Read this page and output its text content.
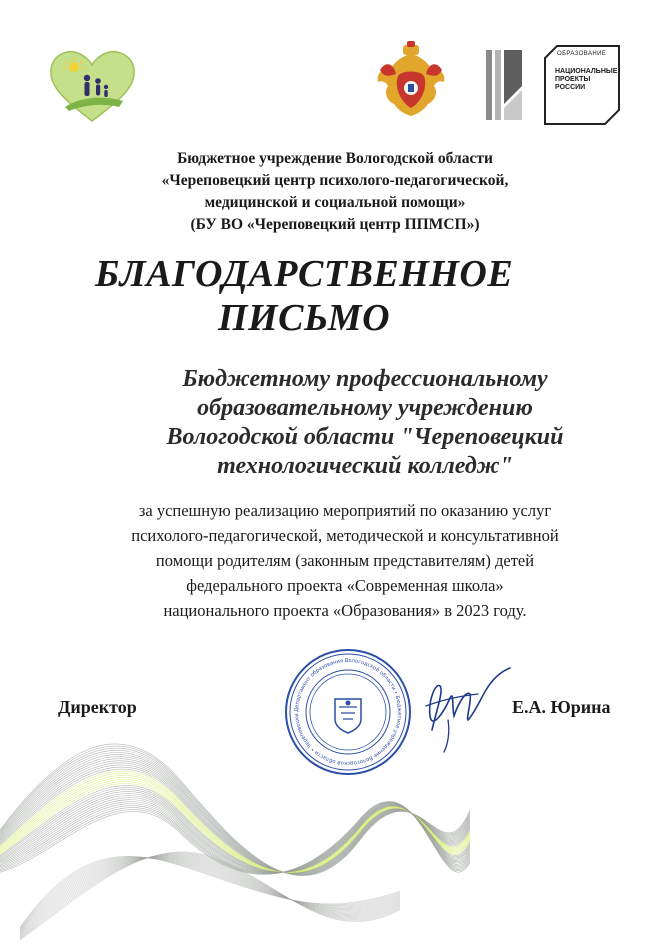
ОБРАЗОВАНИЕ
НАЦИОНАЛЬНЫЕ
ПРОЕКТЫ
РОССИИ
Бюджетное учреждение Вологодской области
«Череповецкий центр психолого-педагогической,
медицинской и социальной помощи»
(БУ ВО «Череповецкий центр ППМСП»)
БЛАГОДАРСТВЕННОЕ
ПИСЬМО
Бюджетному профессиональному
образовательному учреждению
Вологодской области "Череповецкий
технологический колледж"
за успешную реализацию мероприятий по оказанию услуг
психолого-педагогической, методической и консультативной
помощи родителям (законным представителям) детей
федерального проекта «Современная школа»
национального проекта «Образования» в 2023 году.
Департамент образования Вологодской области • Бюджетное учреждение Вологодской области • Череповецки
Директор	Е.А. Юрина
